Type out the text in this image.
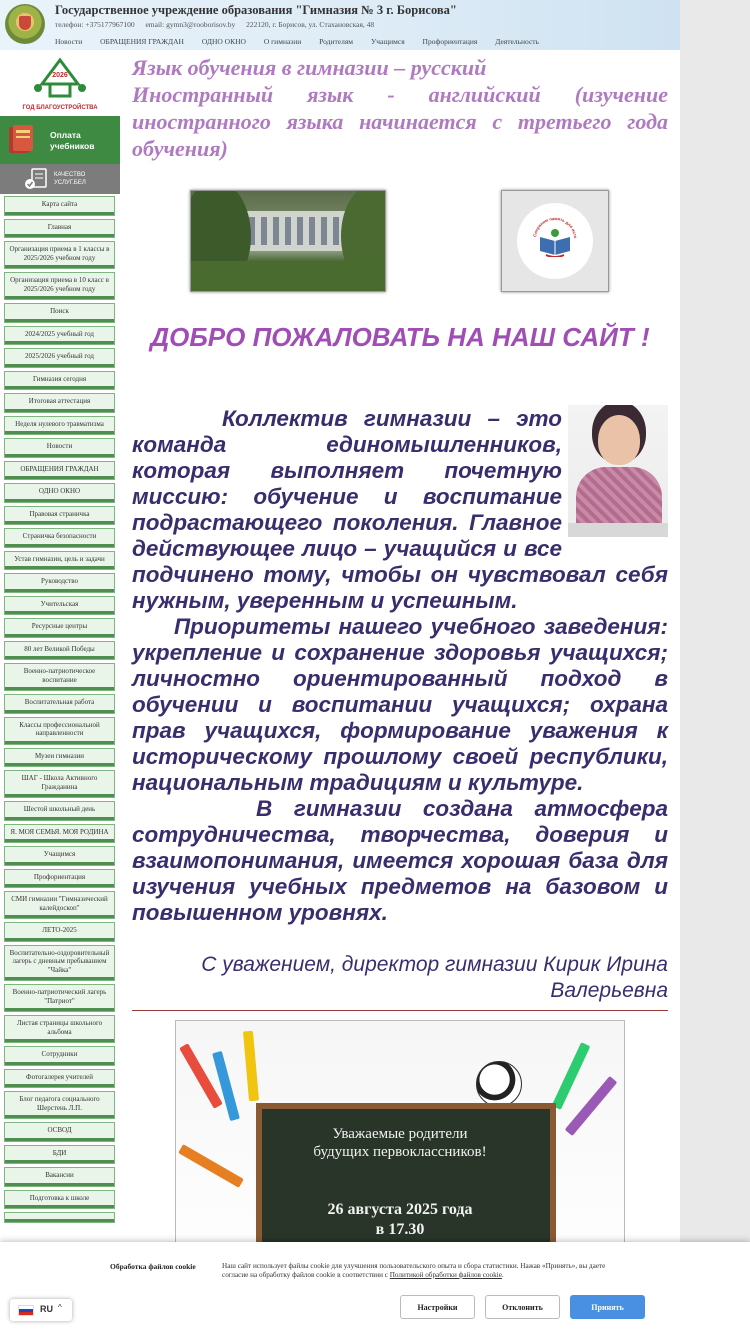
Государственное учреждение образования "Гимназия № 3 г. Борисова"
телефон: +375177967100 email: gymn3@rooborisov.by 222120, г. Борисов, ул. Стахановская, 48
Новости ОБРАЩЕНИЯ ГРАЖДАН ОДНО ОКНО О гимназии Родителям Учащимся Профориентация Деятельность
2026
ГОД БЛАГОУСТРОЙСТВА
Оплата
учебников
КАЧЕСТВО
УСЛУГ.БЕЛ
Карта сайта
Главная
Организация приема в 1 классы в 2025/2026 учебном году
Организация приема в 10 класс в 2025/2026 учебном году
Поиск
2024/2025 учебный год
2025/2026 учебный год
Гимназия сегодня
Итоговая аттестация
Неделя нулевого травматизма
Новости
ОБРАЩЕНИЯ ГРАЖДАН
ОДНО ОКНО
Правовая страничка
Страничка безопасности
Устав гимназии, цель и задачи
Руководство
Учительская
Ресурсные центры
80 лет Великой Победы
Военно-патриотическое воспитание
Воспитательная работа
Классы профессиональной направленности
Музеи гимназии
ШАГ - Школа Активного Гражданина
Шестой школьный день
Я. МОЯ СЕМЬЯ. МОЯ РОДИНА
Учащимся
Профориентация
СМИ гимназии "Гимназический калейдоскоп"
ЛЕТО-2025
Воспитательно-оздоровительный лагерь с дневным пребыванием "Чайка"
Военно-патриотический лагерь "Патриот"
Листая страницы школьного альбома
Сотрудники
Фотогалерея учителей
Блог педагога социального Шерстень Л.П.
ОСВОД
БДИ
Вакансии
Подготовка к школе
Язык обучения в гимназии – русский
Иностранный язык - английский (изучение иностранного языка начинается с третьего года обучения)
Сохраним память для исто
ДОБРО ПОЖАЛОВАТЬ НА НАШ САЙТ !

Коллектив гимназии – это команда единомышленников, которая выполняет почетную миссию: обучение и воспитание подрастающего поколения. Главное действующее лицо – учащийся и все подчинено тому, чтобы он чувствовал себя нужным, уверенным и успешным.

Приоритеты нашего учебного заведения: укрепление и сохранение здоровья учащихся; личностно ориентированный подход в обучении и воспитании учащихся; охрана прав учащихся, формирование уважения к историческому прошлому своей республики, национальным традициям и культуре.

В гимназии создана атмосфера сотрудничества, творчества, доверия и взаимопонимания, имеется хорошая база для изучения учебных предметов на базовом и повышенном уровнях.

С уважением, директор гимназии Кирик Ирина Валерьевна
Уважаемые родители
будущих первоклассников!
26 августа 2025 года
в 17.30
Обработка файлов cookie	Наш сайт использует файлы cookie для улучшения пользовательского опыта и сбора статистики. Нажав «Принять», вы даете согласие на обработку файлов cookie в соответствии с Политикой обработки файлов cookie.
Настройки	Отклонить	Принять
RU ^
